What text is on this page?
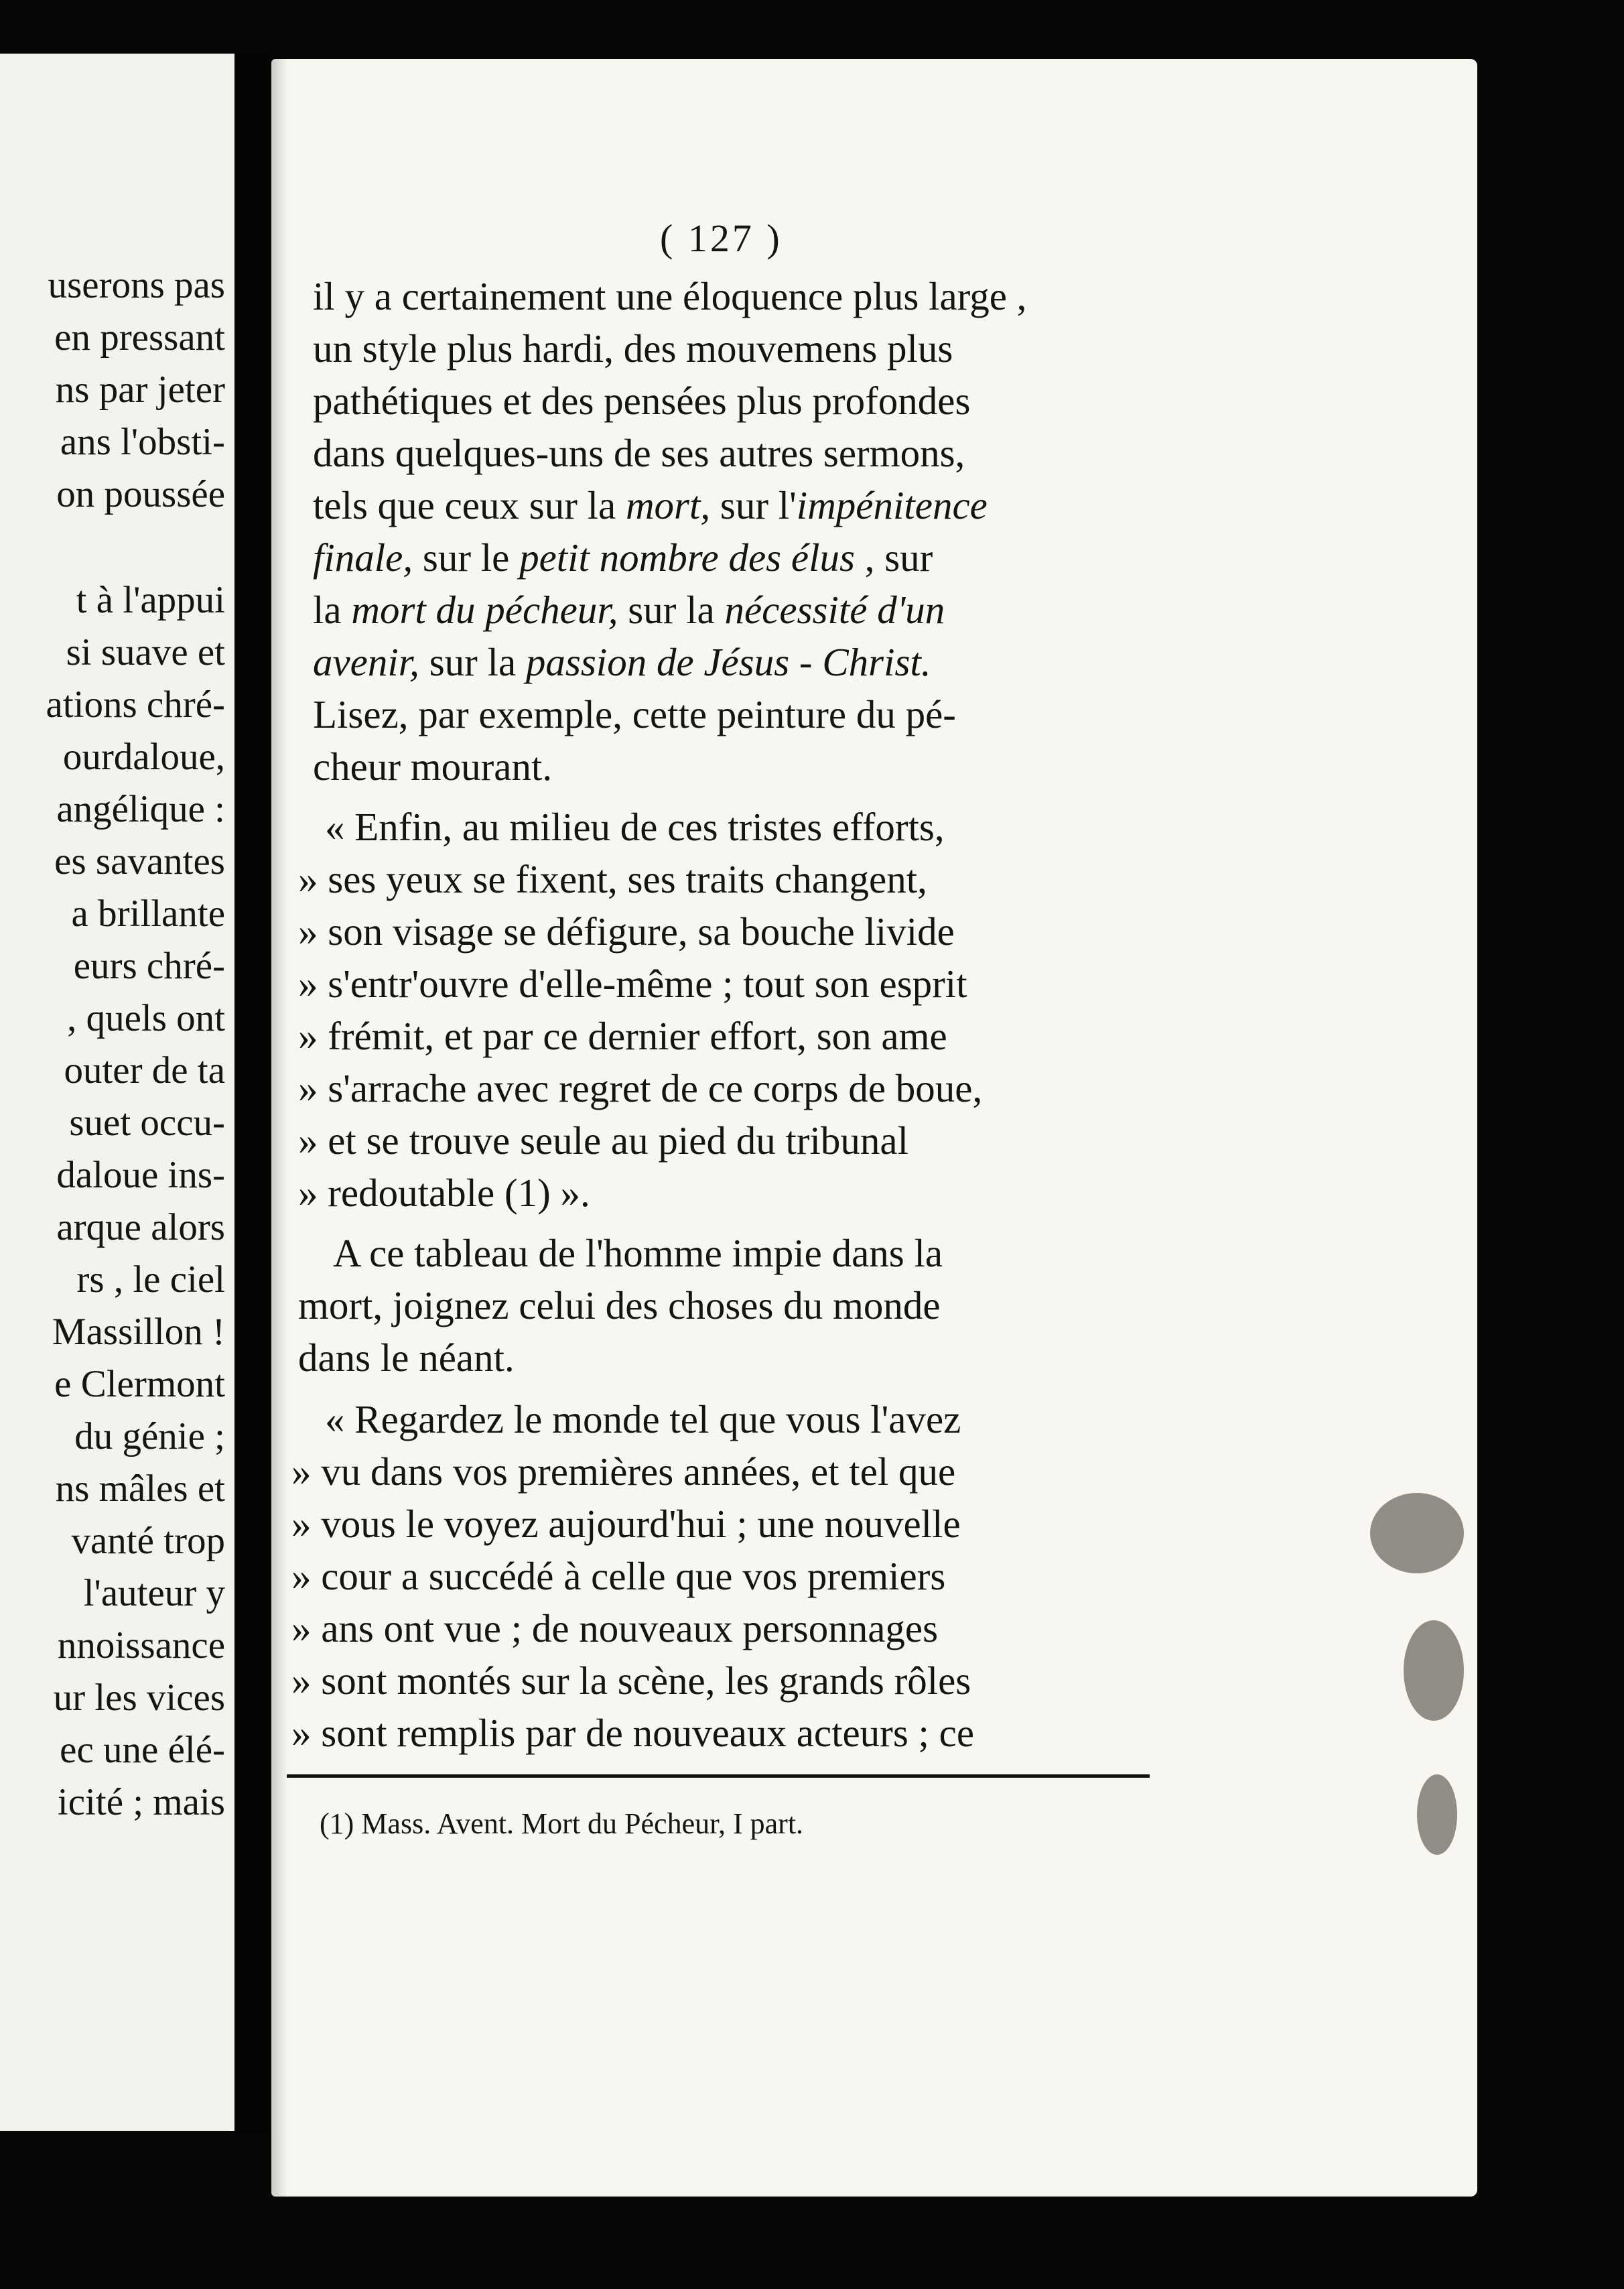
userons pas
en pressant
ns par jeter
ans l'obsti-
on poussée
t à l'appui
si suave et
ations chré-
ourdaloue,
angélique :
es savantes
a brillante
eurs chré-
, quels ont
outer de ta
suet occu-
daloue ins-
arque alors
rs , le ciel
Massillon !
e Clermont
du génie ;
ns mâles et
vanté trop
l'auteur y
nnoissance
ur les vices
ec une élé-
icité ; mais
( 127 )
il y a certainement une éloquence plus large ,
un style plus hardi, des mouvemens plus
pathétiques et des pensées plus profondes
dans quelques-uns de ses autres sermons,
tels que ceux sur la mort, sur l'impénitence
finale, sur le petit nombre des élus , sur
la mort du pécheur, sur la nécessité d'un
avenir, sur la passion de Jésus - Christ.
Lisez, par exemple, cette peinture du pé-
cheur mourant.
« Enfin, au milieu de ces tristes efforts,
» ses yeux se fixent, ses traits changent,
» son visage se défigure, sa bouche livide
» s'entr'ouvre d'elle-même ; tout son esprit
» frémit, et par ce dernier effort, son ame
» s'arrache avec regret de ce corps de boue,
» et se trouve seule au pied du tribunal
» redoutable (1) ».
A ce tableau de l'homme impie dans la
mort, joignez celui des choses du monde
dans le néant.
« Regardez le monde tel que vous l'avez
» vu dans vos premières années, et tel que
» vous le voyez aujourd'hui ; une nouvelle
» cour a succédé à celle que vos premiers
» ans ont vue ; de nouveaux personnages
» sont montés sur la scène, les grands rôles
» sont remplis par de nouveaux acteurs ; ce
(1) Mass. Avent. Mort du Pécheur, I part.
